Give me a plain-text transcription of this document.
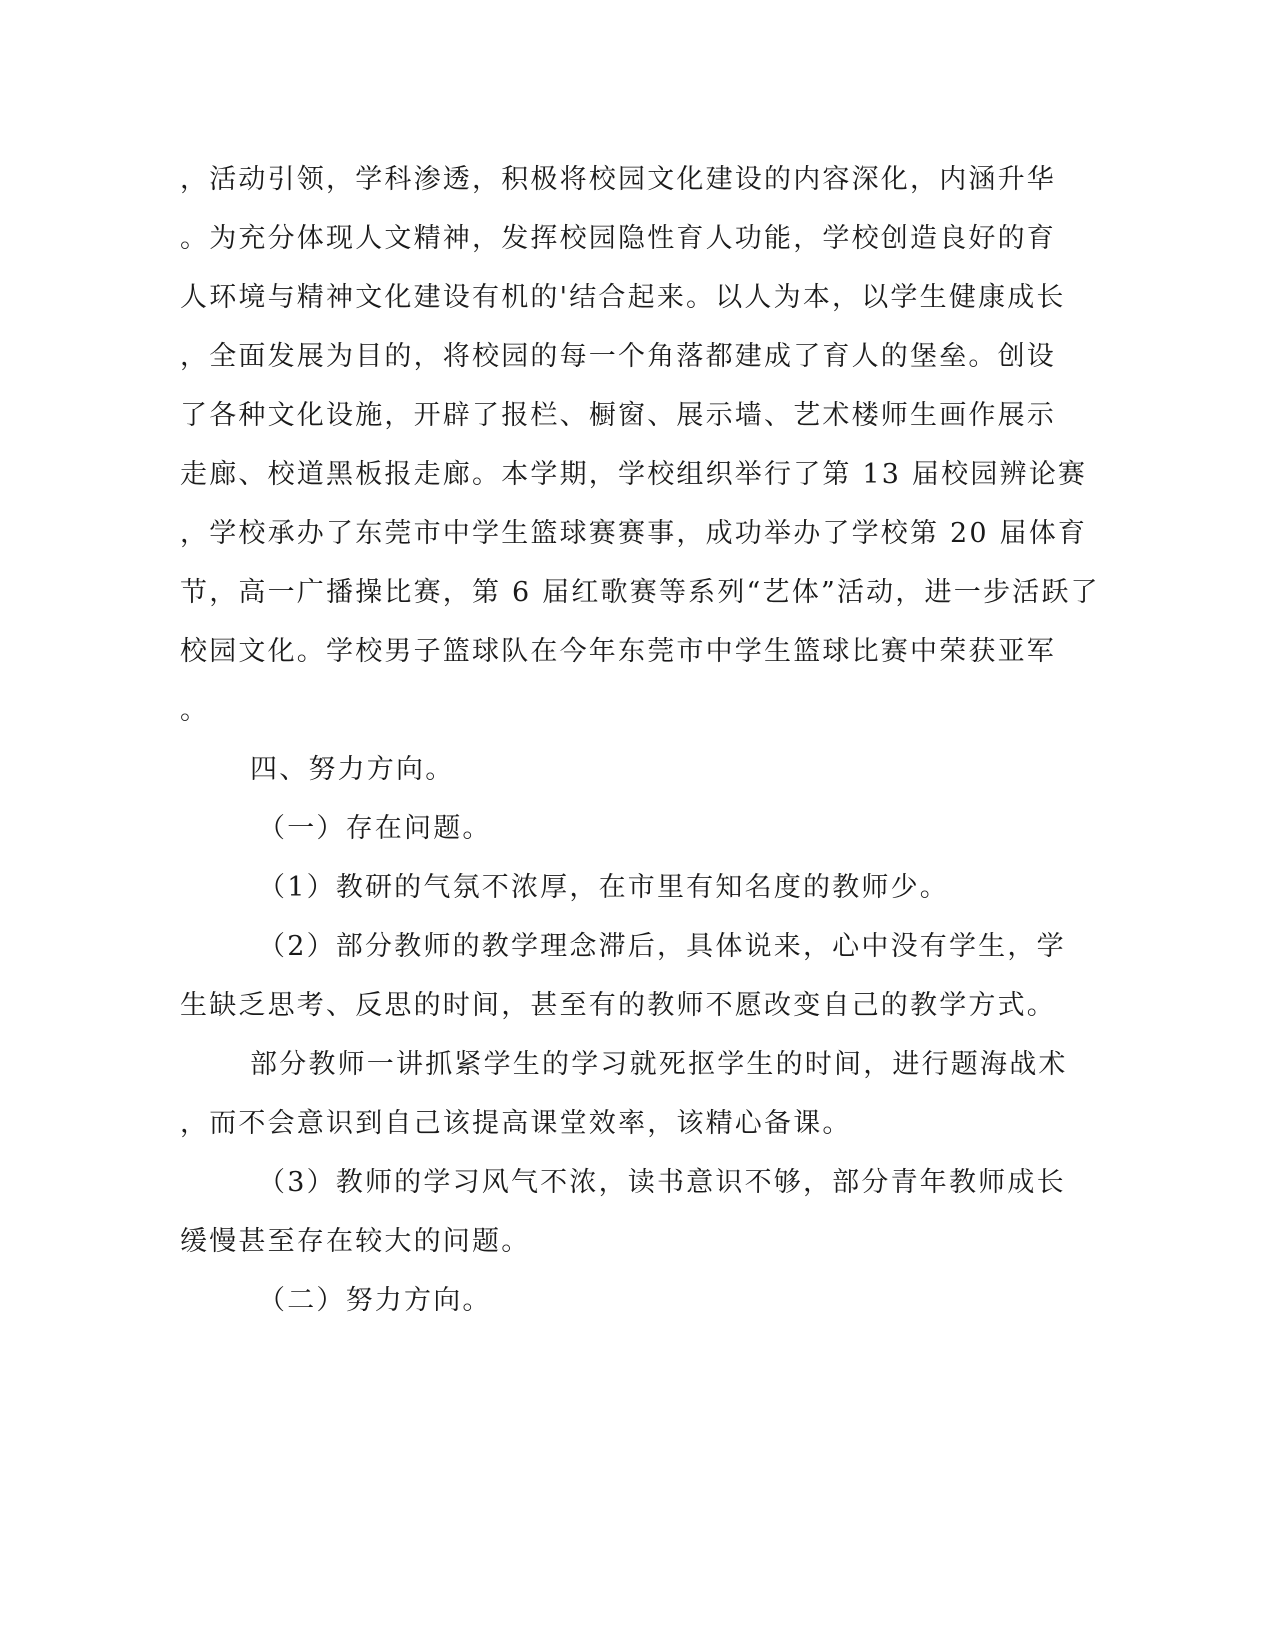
，活动引领，学科渗透，积极将校园文化建设的内容深化，内涵升华
。为充分体现人文精神，发挥校园隐性育人功能，学校创造良好的育
人环境与精神文化建设有机的'结合起来。以人为本，以学生健康成长
，全面发展为目的，将校园的每一个角落都建成了育人的堡垒。创设
了各种文化设施，开辟了报栏、橱窗、展示墙、艺术楼师生画作展示
走廊、校道黑板报走廊。本学期，学校组织举行了第 13 届校园辨论赛
，学校承办了东莞市中学生篮球赛赛事，成功举办了学校第 20 届体育
节，高一广播操比赛，第 6 届红歌赛等系列“艺体”活动，进一步活跃了
校园文化。学校男子篮球队在今年东莞市中学生篮球比赛中荣获亚军
。
四、努力方向。
（一）存在问题。
（1）教研的气氛不浓厚，在市里有知名度的教师少。
（2）部分教师的教学理念滞后，具体说来，心中没有学生，学
生缺乏思考、反思的时间，甚至有的教师不愿改变自己的教学方式。
部分教师一讲抓紧学生的学习就死抠学生的时间，进行题海战术
，而不会意识到自己该提高课堂效率，该精心备课。
（3）教师的学习风气不浓，读书意识不够，部分青年教师成长
缓慢甚至存在较大的问题。
（二）努力方向。
